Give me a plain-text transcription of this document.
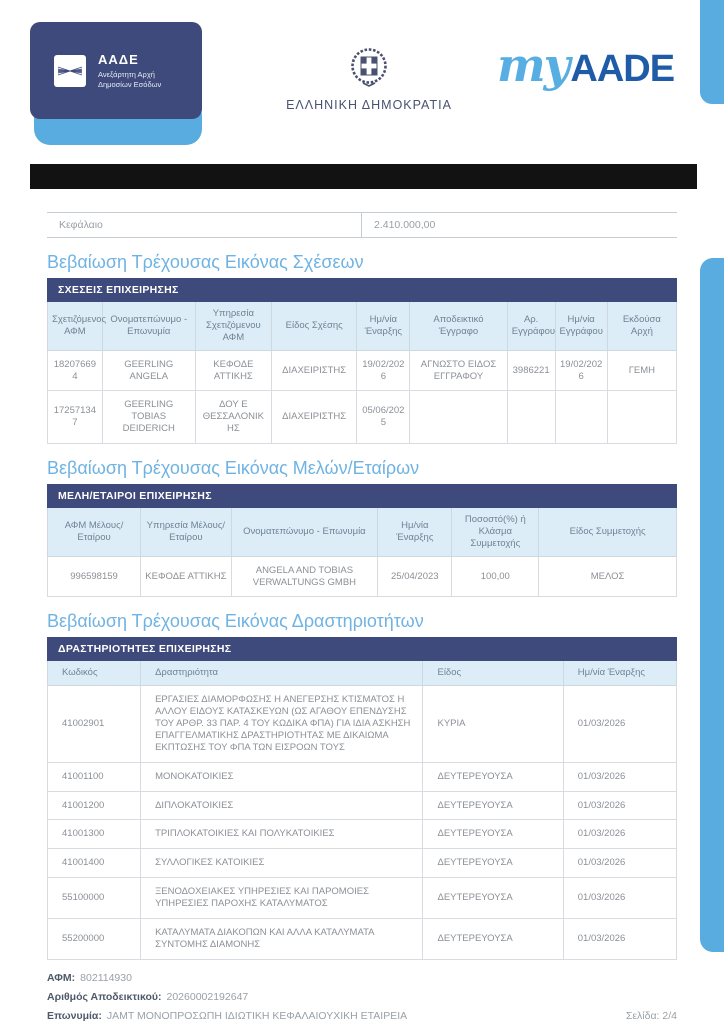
ΑΑΔΕ
Ανεξάρτητη Αρχή
Δημοσίων Εσόδων
ΕΛΛΗΝΙΚΗ ΔΗΜΟΚΡΑΤΙΑ
my AADE
Κεφάλαιο	2.410.000,00
Βεβαίωση Τρέχουσας Εικόνας Σχέσεων
ΣΧΕΣΕΙΣ ΕΠΙΧΕΙΡΗΣΗΣ
Σχετιζόμενος ΑΦΜ	Ονοματεπώνυμο - Επωνυμία	Υπηρεσία Σχετιζόμενου ΑΦΜ	Είδος Σχέσης	Ημ/νία Έναρξης	Αποδεικτικό Έγγραφο	Αρ. Εγγράφου	Ημ/νία Εγγράφου	Εκδούσα Αρχή
182076694	GEERLING ANGELA	ΚΕΦΟΔΕ ΑΤΤΙΚΗΣ	ΔΙΑΧΕΙΡΙΣΤΗΣ	19/02/2026	ΑΓΝΩΣΤΟ ΕΙΔΟΣ ΕΓΓΡΑΦΟΥ	3986221	19/02/2026	ΓΕΜΗ
172571347	GEERLING TOBIAS DEIDERICH	ΔΟΥ Ε ΘΕΣΣΑΛΟΝΙΚΗΣ	ΔΙΑΧΕΙΡΙΣΤΗΣ	05/06/2025				
Βεβαίωση Τρέχουσας Εικόνας Μελών/Εταίρων
ΜΕΛΗ/ΕΤΑΙΡΟΙ ΕΠΙΧΕΙΡΗΣΗΣ
ΑΦΜ Μέλους/Εταίρου	Υπηρεσία Μέλους/Εταίρου	Ονοματεπώνυμο - Επωνυμία	Ημ/νία Έναρξης	Ποσοστό(%) ή Κλάσμα Συμμετοχής	Είδος Συμμετοχής
996598159	ΚΕΦΟΔΕ ΑΤΤΙΚΗΣ	ANGELA AND TOBIAS VERWALTUNGS GMBH	25/04/2023	100,00	ΜΕΛΟΣ
Βεβαίωση Τρέχουσας Εικόνας Δραστηριοτήτων
ΔΡΑΣΤΗΡΙΟΤΗΤΕΣ ΕΠΙΧΕΙΡΗΣΗΣ
Κωδικός	Δραστηριότητα	Είδος	Ημ/νία Έναρξης
41002901	ΕΡΓΑΣΙΕΣ ΔΙΑΜΟΡΦΩΣΗΣ Η ΑΝΕΓΕΡΣΗΣ ΚΤΙΣΜΑΤΟΣ Η ΑΛΛΟΥ ΕΙΔΟΥΣ ΚΑΤΑΣΚΕΥΩΝ (ΩΣ ΑΓΑΘΟΥ ΕΠΕΝΔΥΣΗΣ ΤΟΥ ΑΡΘΡ. 33 ΠΑΡ. 4 ΤΟΥ ΚΩΔΙΚΑ ΦΠΑ) ΓΙΑ ΙΔΙΑ ΑΣΚΗΣΗ ΕΠΑΓΓΕΛΜΑΤΙΚΗΣ ΔΡΑΣΤΗΡΙΟΤΗΤΑΣ ΜΕ ΔΙΚΑΙΩΜΑ ΕΚΠΤΩΣΗΣ ΤΟΥ ΦΠΑ ΤΩΝ ΕΙΣΡΟΩΝ ΤΟΥΣ	ΚΥΡΙΑ	01/03/2026
41001100	ΜΟΝΟΚΑΤΟΙΚΙΕΣ	ΔΕΥΤΕΡΕΥΟΥΣΑ	01/03/2026
41001200	ΔΙΠΛΟΚΑΤΟΙΚΙΕΣ	ΔΕΥΤΕΡΕΥΟΥΣΑ	01/03/2026
41001300	ΤΡΙΠΛΟΚΑΤΟΙΚΙΕΣ ΚΑΙ ΠΟΛΥΚΑΤΟΙΚΙΕΣ	ΔΕΥΤΕΡΕΥΟΥΣΑ	01/03/2026
41001400	ΣΥΛΛΟΓΙΚΕΣ ΚΑΤΟΙΚΙΕΣ	ΔΕΥΤΕΡΕΥΟΥΣΑ	01/03/2026
55100000	ΞΕΝΟΔΟΧΕΙΑΚΕΣ ΥΠΗΡΕΣΙΕΣ ΚΑΙ ΠΑΡΟΜΟΙΕΣ ΥΠΗΡΕΣΙΕΣ ΠΑΡΟΧΗΣ ΚΑΤΑΛΥΜΑΤΟΣ	ΔΕΥΤΕΡΕΥΟΥΣΑ	01/03/2026
55200000	ΚΑΤΑΛΥΜΑΤΑ ΔΙΑΚΟΠΩΝ ΚΑΙ ΑΛΛΑ ΚΑΤΑΛΥΜΑΤΑ ΣΥΝΤΟΜΗΣ ΔΙΑΜΟΝΗΣ	ΔΕΥΤΕΡΕΥΟΥΣΑ	01/03/2026
ΑΦΜ: 802114930
Αριθμός Αποδεικτικού: 20260002192647
Επωνυμία: JAMT ΜΟΝΟΠΡΟΣΩΠΗ ΙΔΙΩΤΙΚΗ ΚΕΦΑΛΑΙΟΥΧΙΚΗ ΕΤΑΙΡΕΙΑ	Σελίδα: 2/4
